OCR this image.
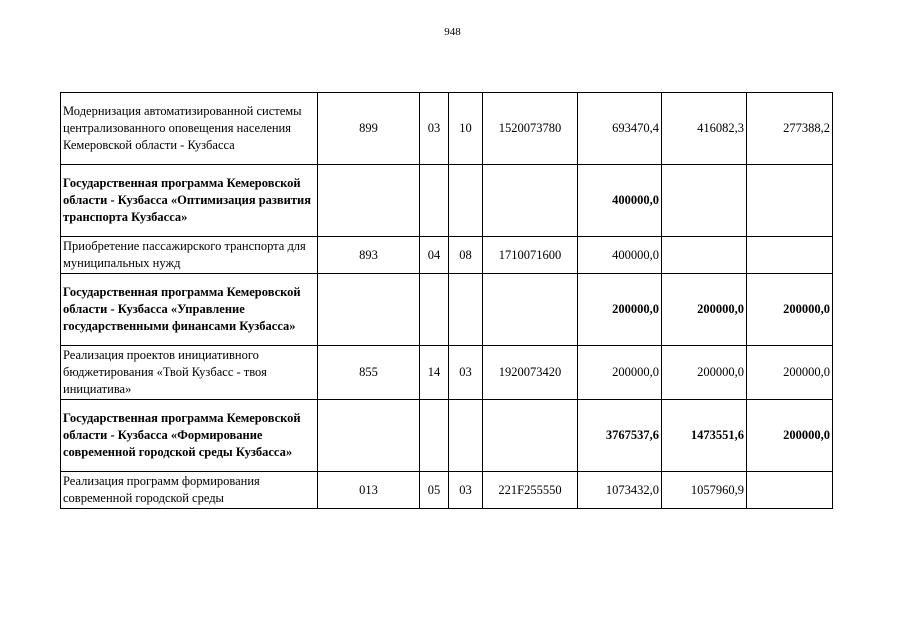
948
Модернизация автоматизированной системы централизованного оповещения населения Кемеровской области - Кузбасса	899	03	10	1520073780	693470,4	416082,3	277388,2
Государственная программа Кемеровской области - Кузбасса «Оптимизация развития транспорта Кузбасса»					400000,0		
Приобретение пассажирского транспорта для муниципальных нужд	893	04	08	1710071600	400000,0		
Государственная программа Кемеровской области - Кузбасса «Управление государственными финансами Кузбасса»					200000,0	200000,0	200000,0
Реализация проектов инициативного бюджетирования «Твой Кузбасс - твоя инициатива»	855	14	03	1920073420	200000,0	200000,0	200000,0
Государственная программа Кемеровской области - Кузбасса «Формирование современной городской среды Кузбасса»					3767537,6	1473551,6	200000,0
Реализация программ формирования современной городской среды	013	05	03	221F255550	1073432,0	1057960,9	
